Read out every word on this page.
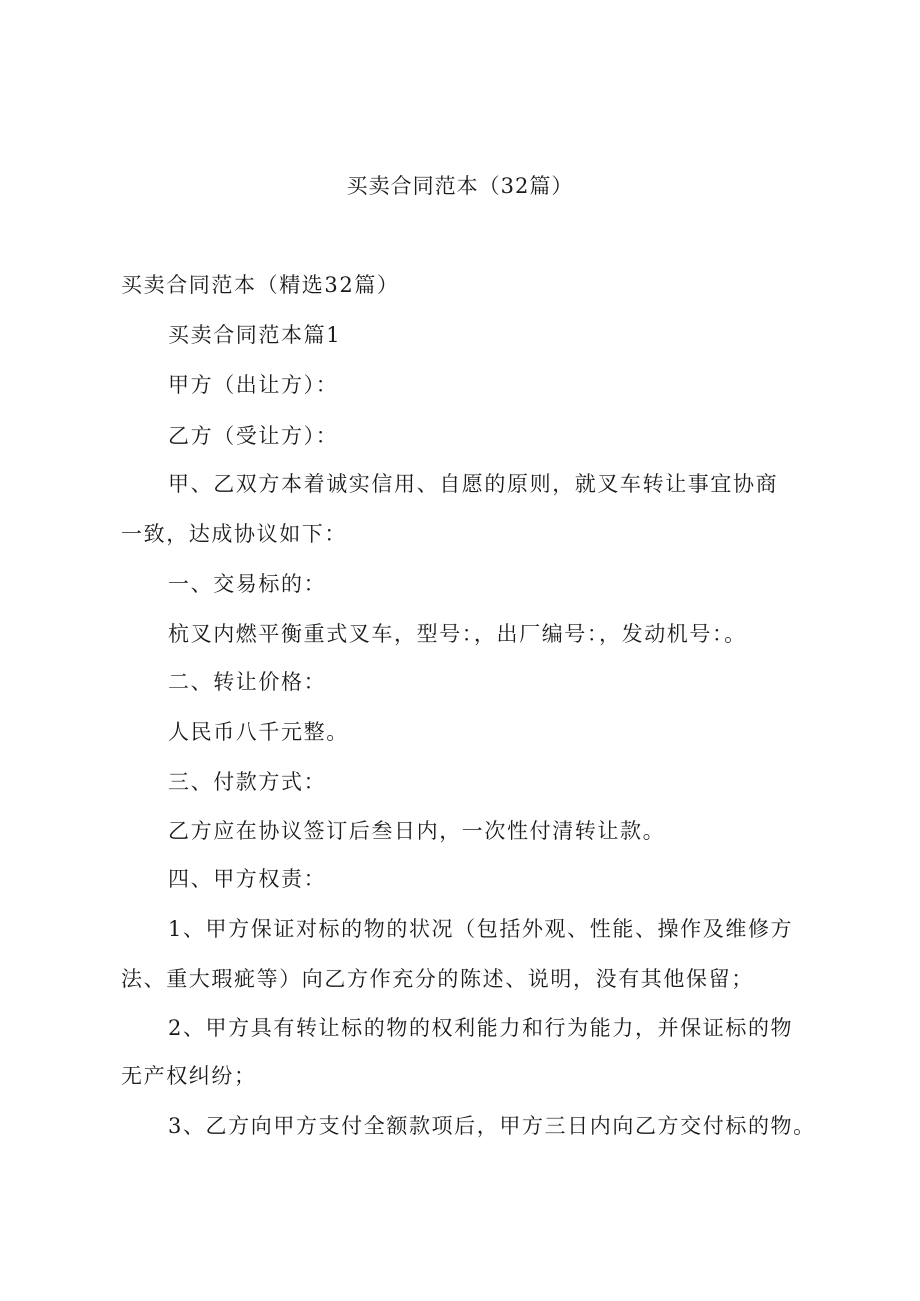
买卖合同范本（32篇）
买卖合同范本（精选32篇）
买卖合同范本篇1
甲方（出让方）：
乙方（受让方）：
甲、乙双方本着诚实信用、自愿的原则，就叉车转让事宜协商
一致，达成协议如下：
一、交易标的：
杭叉内燃平衡重式叉车，型号：，出厂编号：，发动机号：。
二、转让价格：
人民币八千元整。
三、付款方式：
乙方应在协议签订后叁日内，一次性付清转让款。
四、甲方权责：
1、甲方保证对标的物的状况（包括外观、性能、操作及维修方
法、重大瑕疵等）向乙方作充分的陈述、说明，没有其他保留；
2、甲方具有转让标的物的权利能力和行为能力，并保证标的物
无产权纠纷；
3、乙方向甲方支付全额款项后，甲方三日内向乙方交付标的物。
